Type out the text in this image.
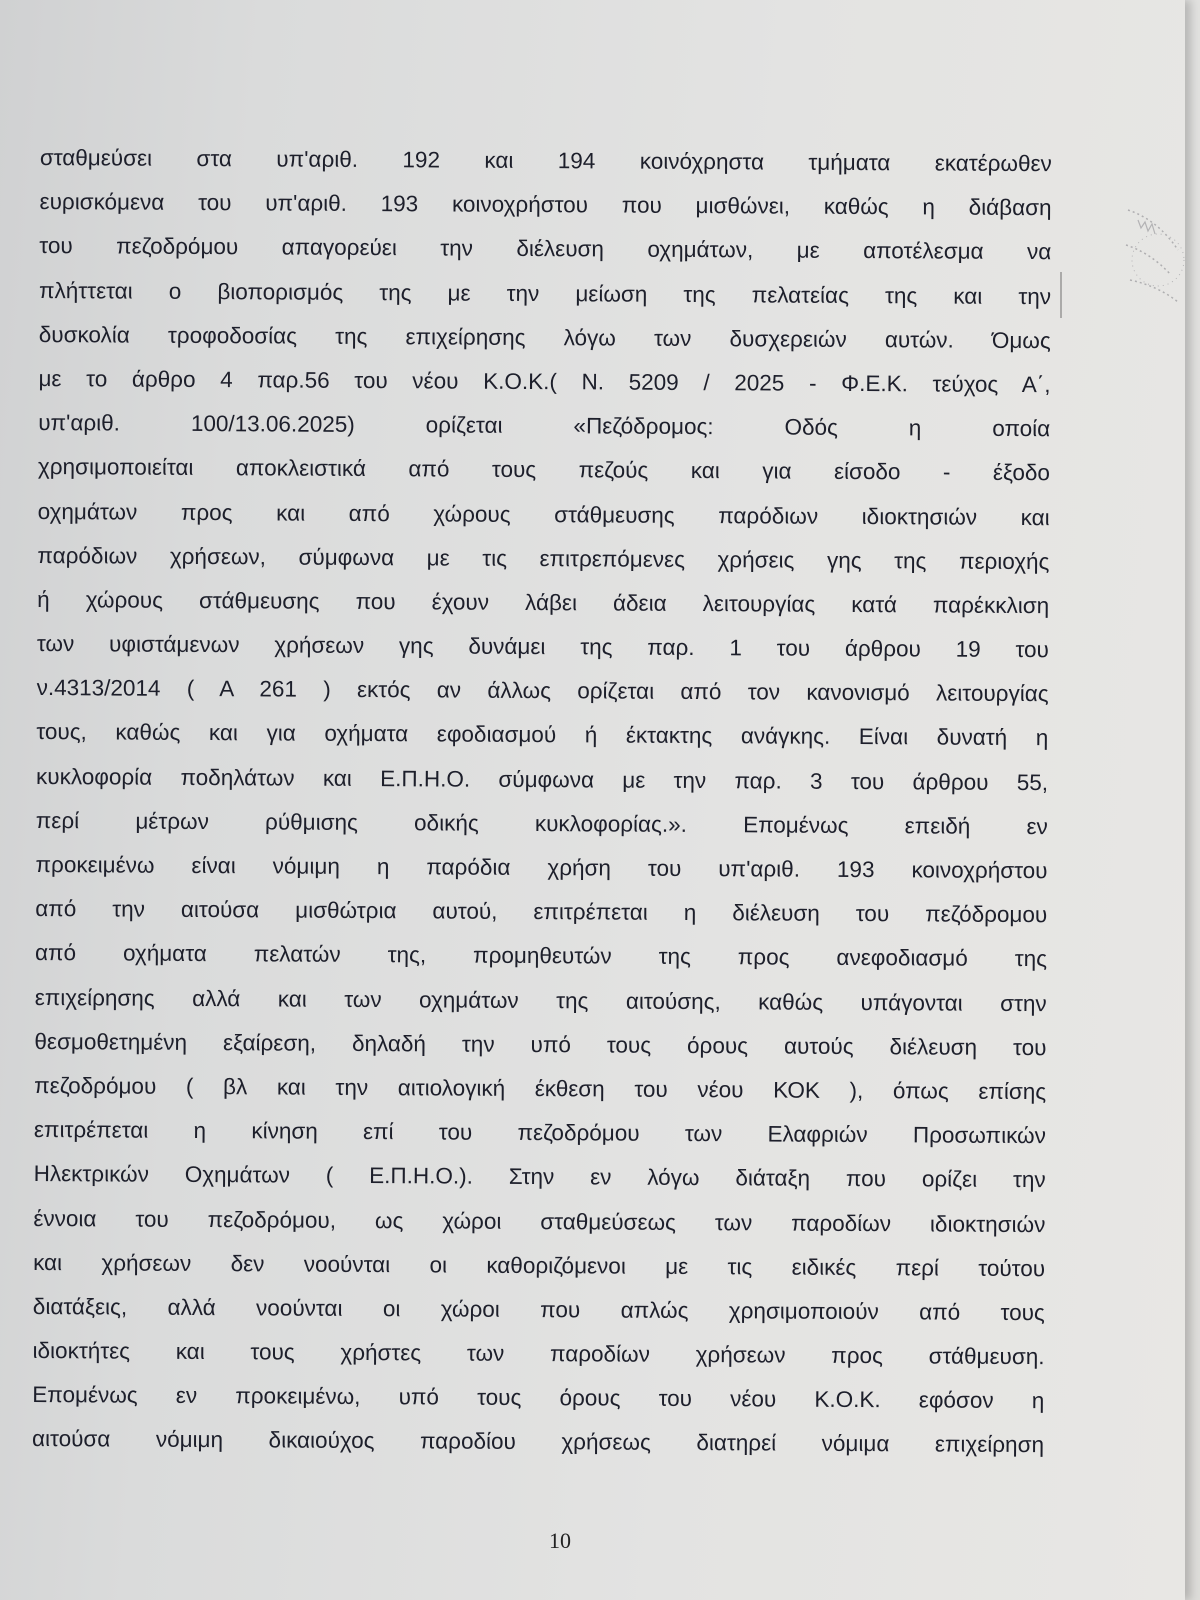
σταθμεύσει στα υπ'αριθ. 192 και 194 κοινόχρηστα τμήματα εκατέρωθεν
ευρισκόμενα του υπ'αριθ. 193 κοινοχρήστου που μισθώνει, καθώς η διάβαση
του πεζοδρόμου απαγορεύει την διέλευση οχημάτων, με αποτέλεσμα να
πλήττεται ο βιοπορισμός της με την μείωση της πελατείας της και την
δυσκολία τροφοδοσίας της επιχείρησης λόγω των δυσχερειών αυτών. Όμως
με το άρθρο 4 παρ.56 του νέου Κ.Ο.Κ.( Ν. 5209 / 2025 - Φ.Ε.Κ. τεύχος Α΄,
υπ'αριθ. 100/13.06.2025) ορίζεται «Πεζόδρομος: Οδός η οποία
χρησιμοποιείται αποκλειστικά από τους πεζούς και για είσοδο - έξοδο
οχημάτων προς και από χώρους στάθμευσης παρόδιων ιδιοκτησιών και
παρόδιων χρήσεων, σύμφωνα με τις επιτρεπόμενες χρήσεις γης της περιοχής
ή χώρους στάθμευσης που έχουν λάβει άδεια λειτουργίας κατά παρέκκλιση
των υφιστάμενων χρήσεων γης δυνάμει της παρ. 1 του άρθρου 19 του
ν.4313/2014 ( Α 261 ) εκτός αν άλλως ορίζεται από τον κανονισμό λειτουργίας
τους, καθώς και για οχήματα εφοδιασμού ή έκτακτης ανάγκης. Είναι δυνατή η
κυκλοφορία ποδηλάτων και Ε.Π.Η.Ο. σύμφωνα με την παρ. 3 του άρθρου 55,
περί μέτρων ρύθμισης οδικής κυκλοφορίας.». Επομένως επειδή εν
προκειμένω είναι νόμιμη η παρόδια χρήση του υπ'αριθ. 193 κοινοχρήστου
από την αιτούσα μισθώτρια αυτού, επιτρέπεται η διέλευση του πεζόδρομου
από οχήματα πελατών της, προμηθευτών της προς ανεφοδιασμό της
επιχείρησης αλλά και των οχημάτων της αιτούσης, καθώς υπάγονται στην
θεσμοθετημένη εξαίρεση, δηλαδή την υπό τους όρους αυτούς διέλευση του
πεζοδρόμου ( βλ και την αιτιολογική έκθεση του νέου ΚΟΚ ), όπως επίσης
επιτρέπεται η κίνηση επί του πεζοδρόμου των Ελαφριών Προσωπικών
Ηλεκτρικών Οχημάτων ( Ε.Π.Η.Ο.). Στην εν λόγω διάταξη που ορίζει την
έννοια του πεζοδρόμου, ως χώροι σταθμεύσεως των παροδίων ιδιοκτησιών
και χρήσεων δεν νοούνται οι καθοριζόμενοι με τις ειδικές περί τούτου
διατάξεις, αλλά νοούνται οι χώροι που απλώς χρησιμοποιούν από τους
ιδιοκτήτες και τους χρήστες των παροδίων χρήσεων προς στάθμευση.
Επομένως εν προκειμένω, υπό τους όρους του νέου Κ.Ο.Κ. εφόσον η
αιτούσα νόμιμη δικαιούχος παροδίου χρήσεως διατηρεί νόμιμα επιχείρηση
10
